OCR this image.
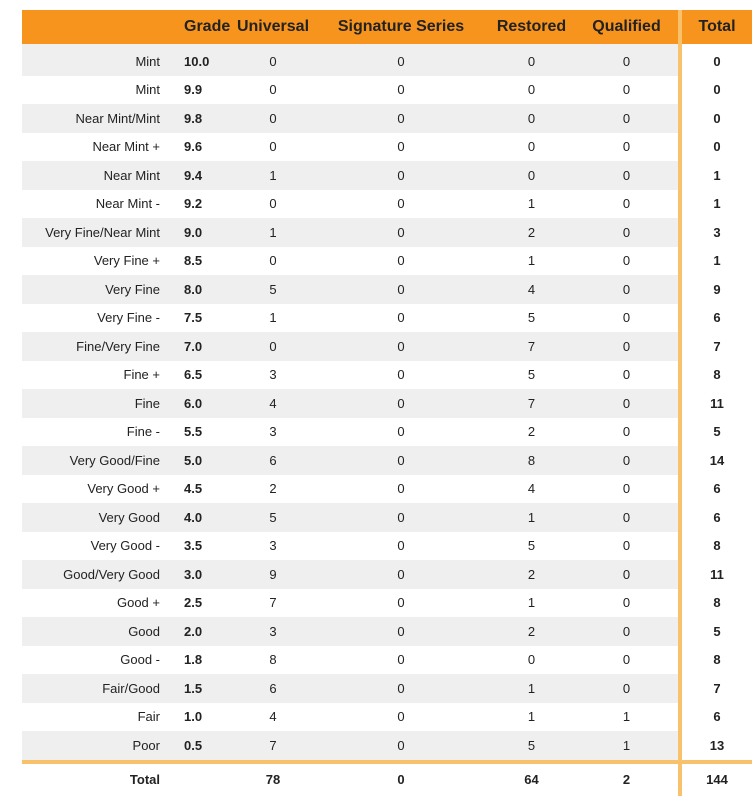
	Grade	Universal	Signature Series	Restored	Qualified	Total
Mint	10.0	0	0	0	0	0
Mint	9.9	0	0	0	0	0
Near Mint/Mint	9.8	0	0	0	0	0
Near Mint +	9.6	0	0	0	0	0
Near Mint	9.4	1	0	0	0	1
Near Mint -	9.2	0	0	1	0	1
Very Fine/Near Mint	9.0	1	0	2	0	3
Very Fine +	8.5	0	0	1	0	1
Very Fine	8.0	5	0	4	0	9
Very Fine -	7.5	1	0	5	0	6
Fine/Very Fine	7.0	0	0	7	0	7
Fine +	6.5	3	0	5	0	8
Fine	6.0	4	0	7	0	11
Fine -	5.5	3	0	2	0	5
Very Good/Fine	5.0	6	0	8	0	14
Very Good +	4.5	2	0	4	0	6
Very Good	4.0	5	0	1	0	6
Very Good -	3.5	3	0	5	0	8
Good/Very Good	3.0	9	0	2	0	11
Good +	2.5	7	0	1	0	8
Good	2.0	3	0	2	0	5
Good -	1.8	8	0	0	0	8
Fair/Good	1.5	6	0	1	0	7
Fair	1.0	4	0	1	1	6
Poor	0.5	7	0	5	1	13
Total		78	0	64	2	144
